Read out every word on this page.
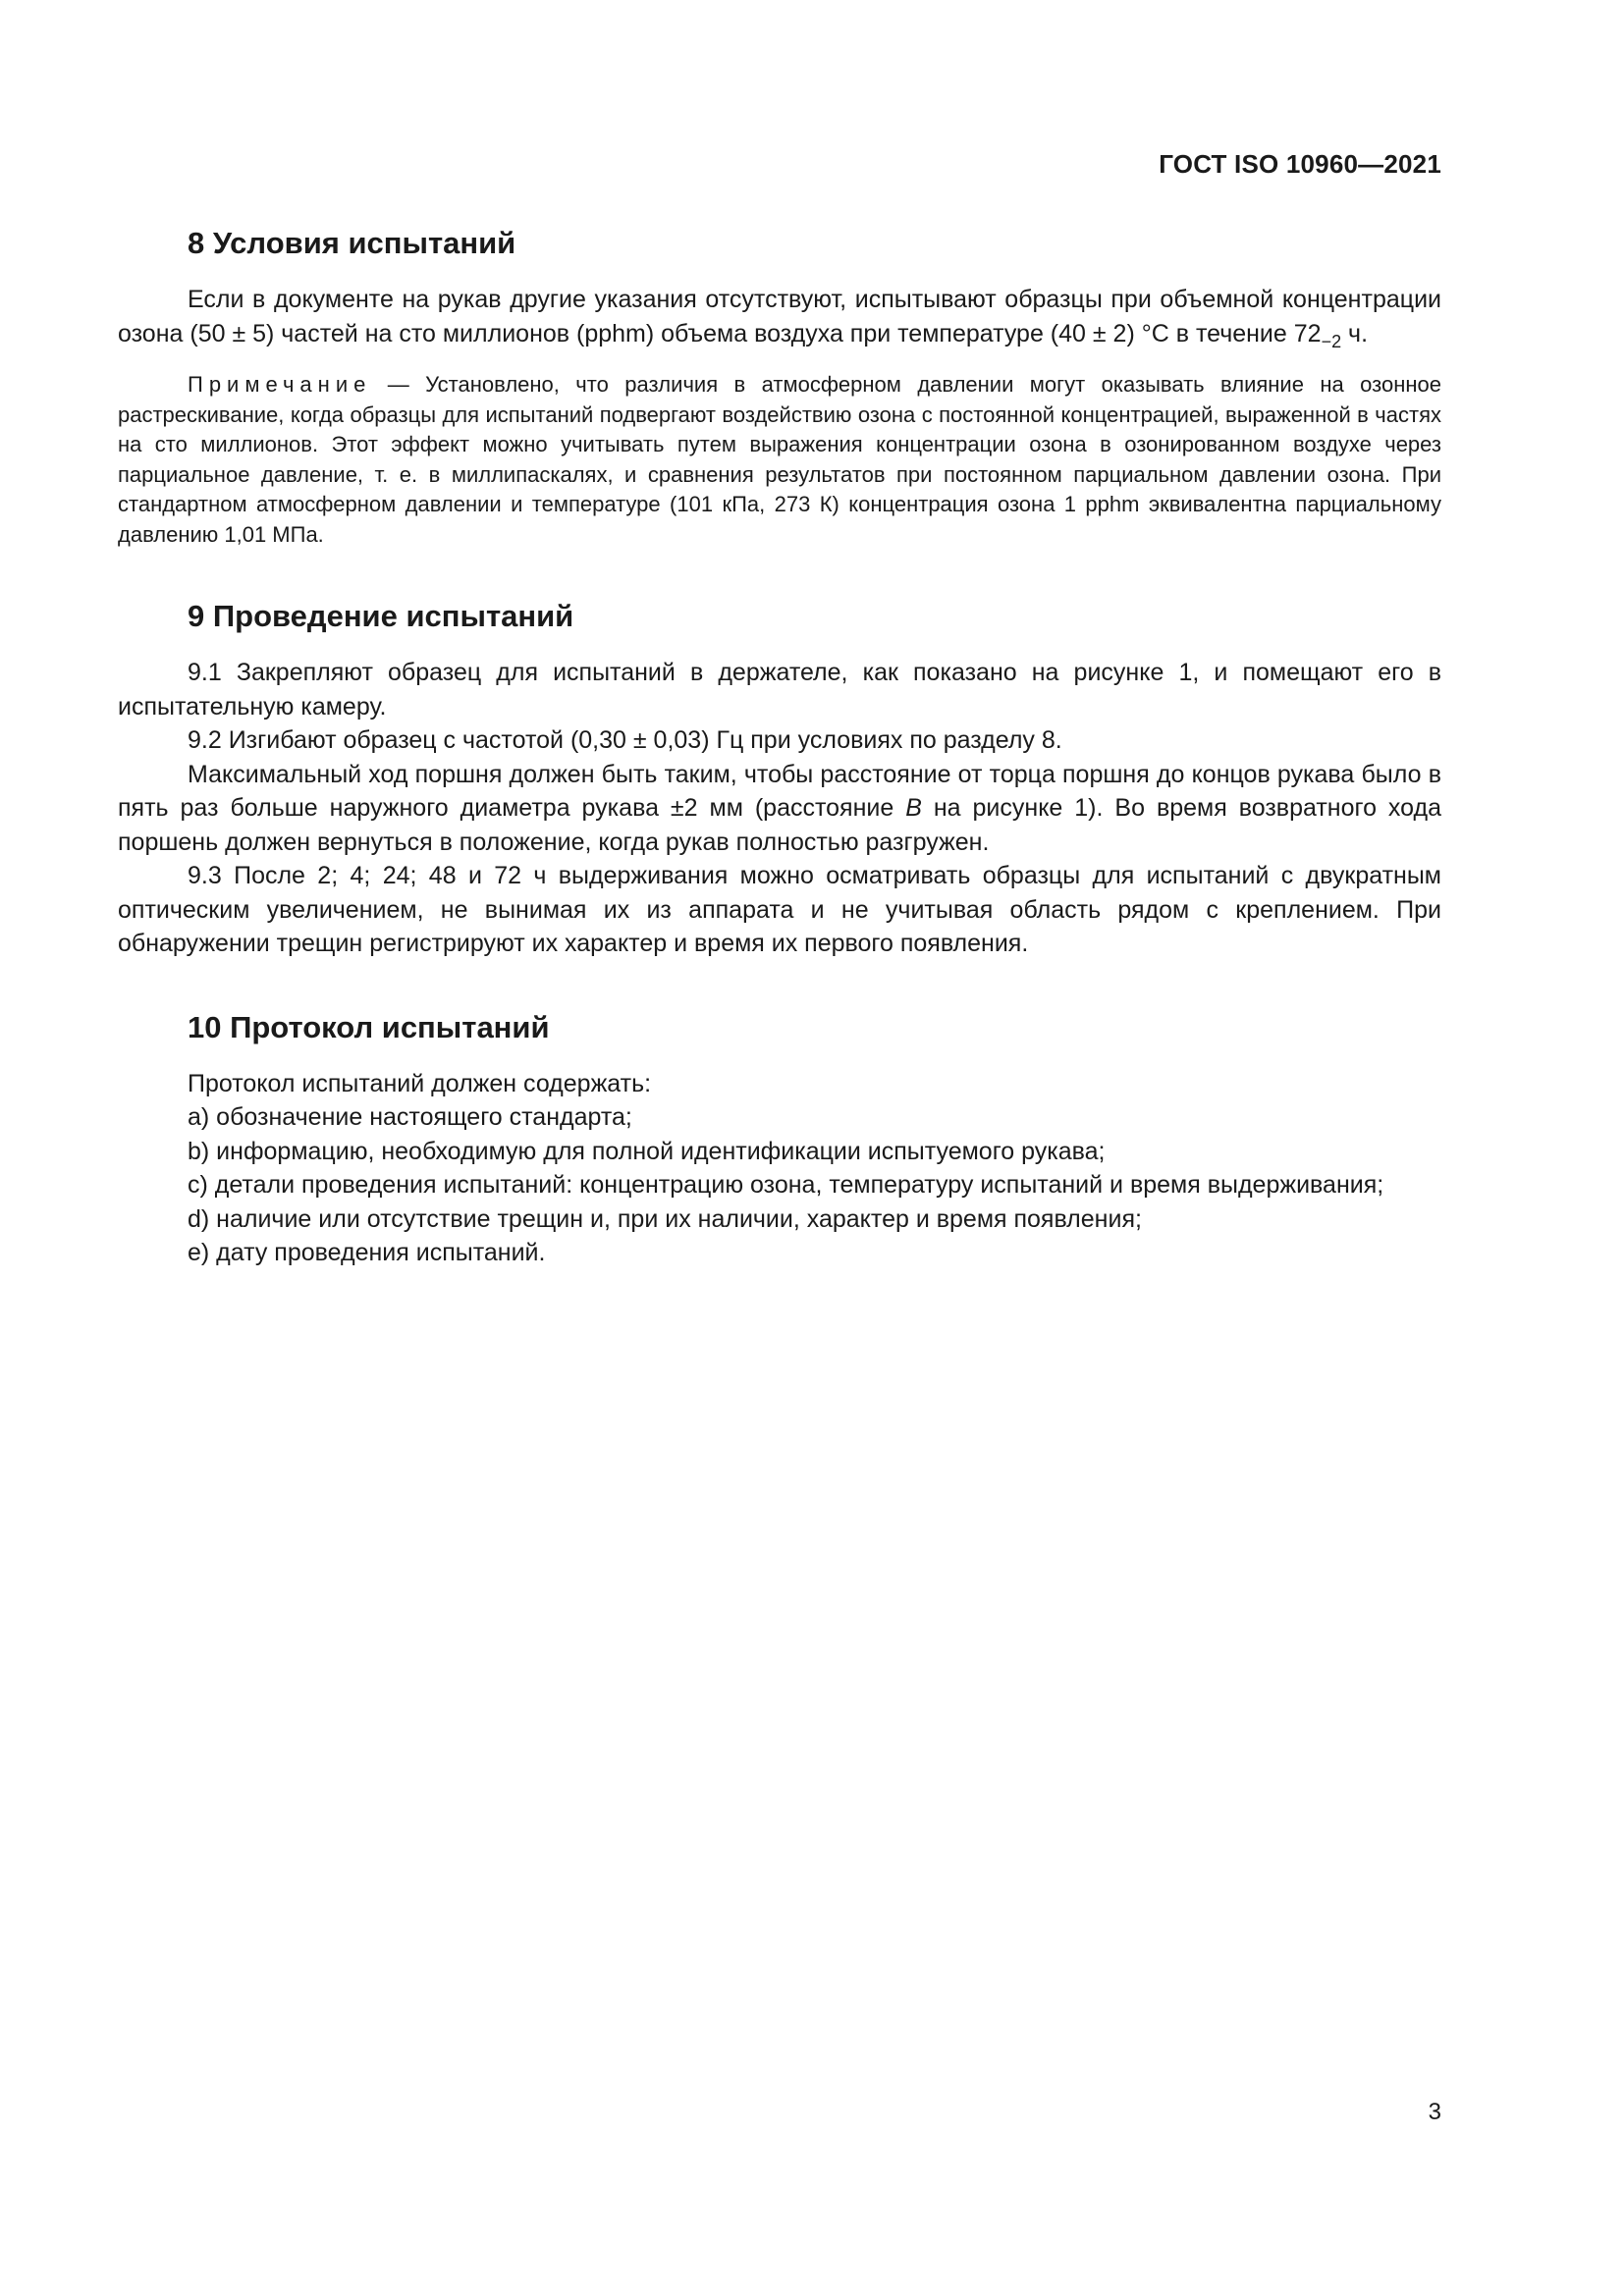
ГОСТ ISO 10960—2021
8 Условия испытаний

Если в документе на рукав другие указания отсутствуют, испытывают образцы при объемной концентрации озона (50 ± 5) частей на сто миллионов (pphm) объема воздуха при температуре (40 ± 2) °С в течение $72_{-2}$ ч.

Примечание — Установлено, что различия в атмосферном давлении могут оказывать влияние на озонное растрескивание, когда образцы для испытаний подвергают воздействию озона с постоянной концентрацией, выраженной в частях на сто миллионов. Этот эффект можно учитывать путем выражения концентрации озона в озонированном воздухе через парциальное давление, т. е. в миллипаскалях, и сравнения результатов при постоянном парциальном давлении озона. При стандартном атмосферном давлении и температуре (101 кПа, 273 К) концентрация озона 1 pphm эквивалентна парциальному давлению 1,01 МПа.

9 Проведение испытаний

9.1 Закрепляют образец для испытаний в держателе, как показано на рисунке 1, и помещают его в испытательную камеру.

9.2 Изгибают образец с частотой (0,30 ± 0,03) Гц при условиях по разделу 8.

Максимальный ход поршня должен быть таким, чтобы расстояние от торца поршня до концов рукава было в пять раз больше наружного диаметра рукава ±2 мм (расстояние В на рисунке 1). Во время возвратного хода поршень должен вернуться в положение, когда рукав полностью разгружен.

9.3 После 2; 4; 24; 48 и 72 ч выдерживания можно осматривать образцы для испытаний с двукратным оптическим увеличением, не вынимая их из аппарата и не учитывая область рядом с креплением. При обнаружении трещин регистрируют их характер и время их первого появления.

10 Протокол испытаний

Протокол испытаний должен содержать:

a) обозначение настоящего стандарта;

b) информацию, необходимую для полной идентификации испытуемого рукава;

c) детали проведения испытаний: концентрацию озона, температуру испытаний и время выдерживания;

d) наличие или отсутствие трещин и, при их наличии, характер и время появления;

e) дату проведения испытаний.

3
